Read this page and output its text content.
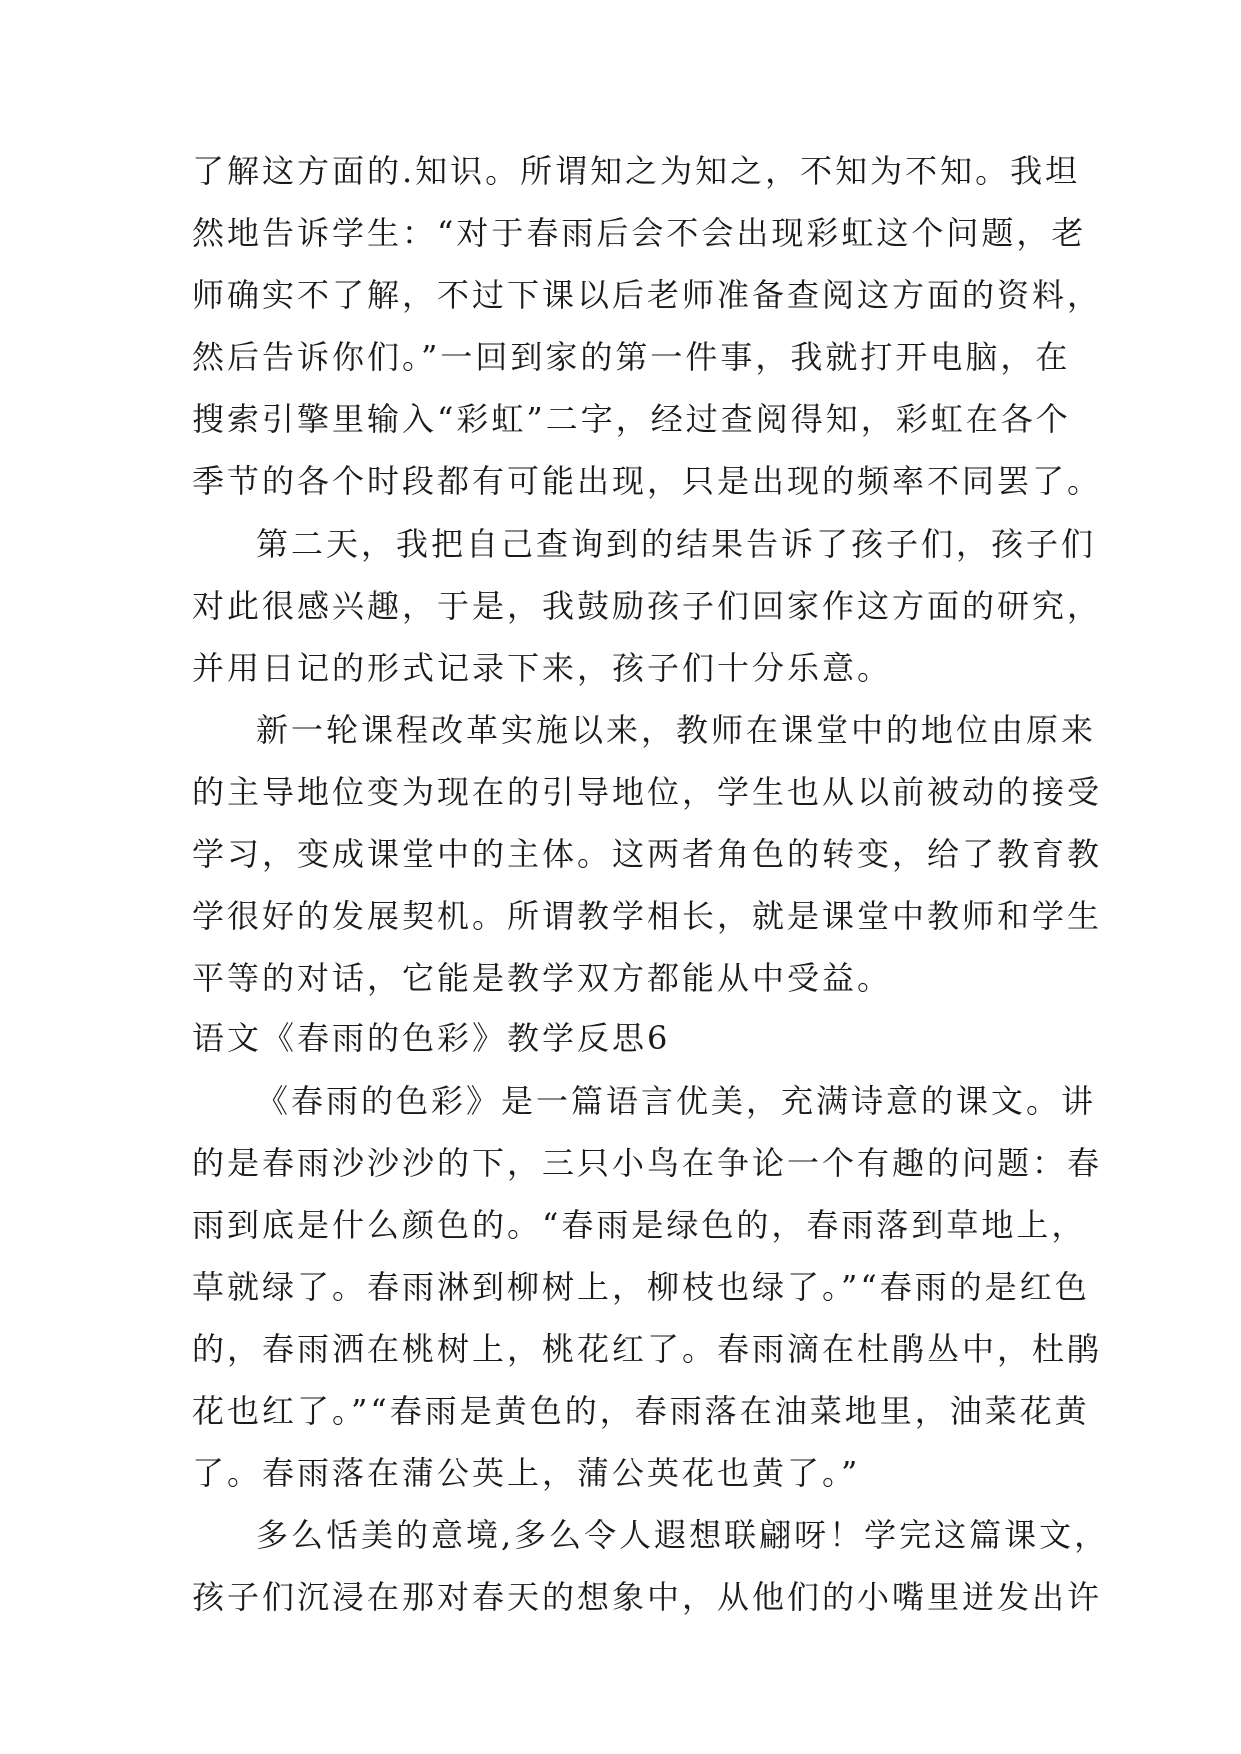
了解这方面的.知识。所谓知之为知之，不知为不知。我坦
然地告诉学生：“对于春雨后会不会出现彩虹这个问题，老
师确实不了解，不过下课以后老师准备查阅这方面的资料，
然后告诉你们。”一回到家的第一件事，我就打开电脑，在
搜索引擎里输入“彩虹”二字，经过查阅得知，彩虹在各个
季节的各个时段都有可能出现，只是出现的频率不同罢了。
第二天，我把自己查询到的结果告诉了孩子们，孩子们
对此很感兴趣，于是，我鼓励孩子们回家作这方面的研究，
并用日记的形式记录下来，孩子们十分乐意。
新一轮课程改革实施以来，教师在课堂中的地位由原来
的主导地位变为现在的引导地位，学生也从以前被动的接受
学习，变成课堂中的主体。这两者角色的转变，给了教育教
学很好的发展契机。所谓教学相长，就是课堂中教师和学生
平等的对话，它能是教学双方都能从中受益。
语文《春雨的色彩》教学反思6
《春雨的色彩》是一篇语言优美，充满诗意的课文。讲
的是春雨沙沙沙的下，三只小鸟在争论一个有趣的问题：春
雨到底是什么颜色的。“春雨是绿色的，春雨落到草地上，
草就绿了。春雨淋到柳树上，柳枝也绿了。”“春雨的是红色
的，春雨洒在桃树上，桃花红了。春雨滴在杜鹃丛中，杜鹃
花也红了。”“春雨是黄色的，春雨落在油菜地里，油菜花黄
了。春雨落在蒲公英上，蒲公英花也黄了。”
多么恬美的意境,多么令人遐想联翩呀！学完这篇课文，
孩子们沉浸在那对春天的想象中，从他们的小嘴里迸发出许
